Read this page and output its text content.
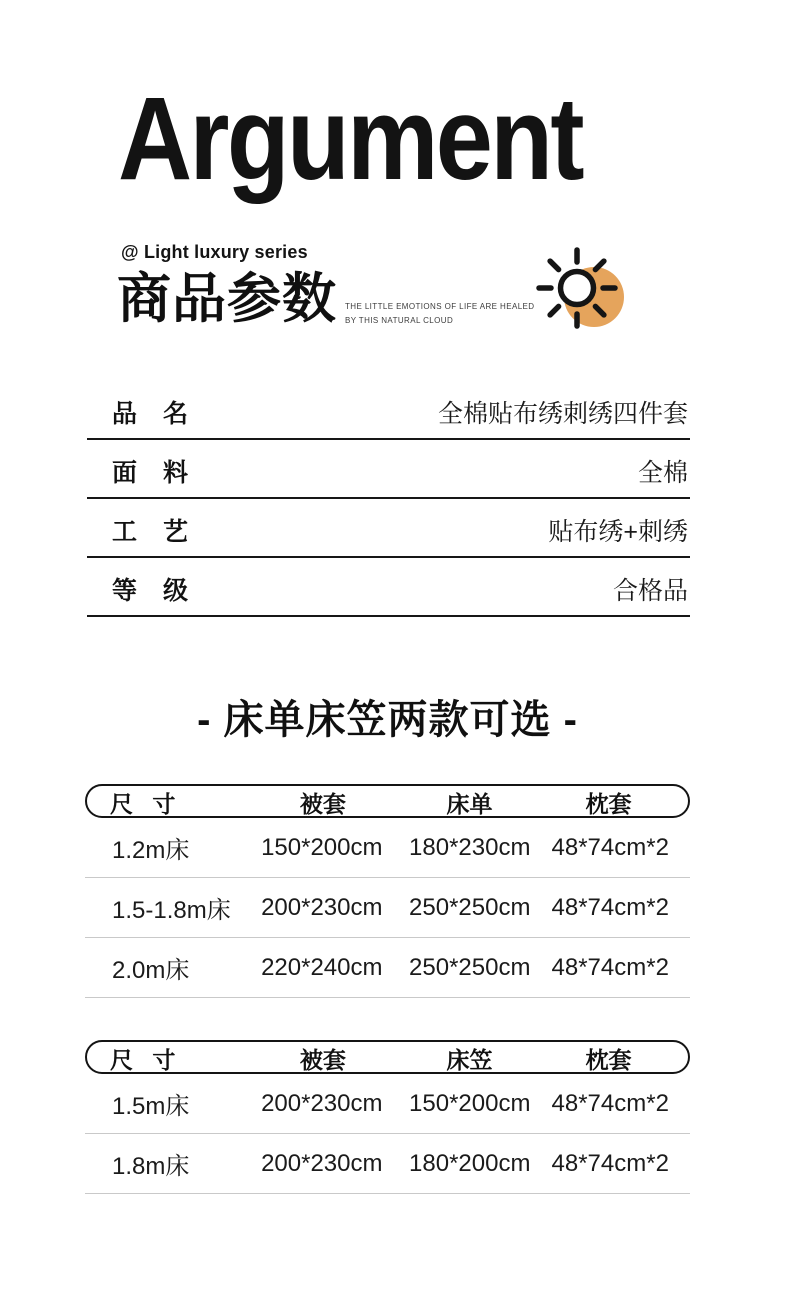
Argument
@ Light luxury series
商品参数 THE LITTLE EMOTIONS OF LIFE ARE HEALED
BY THIS NATURAL CLOUD
品 名	全棉贴布绣刺绣四件套
面 料	全棉
工 艺	贴布绣+刺绣
等 级	合格品
- 床单床笠两款可选 -
尺 寸	被套	床单	枕套
1.2m床	150*200cm	180*230cm 48*74cm*2
1.5-1.8m床	200*230cm	250*250cm 48*74cm*2
2.0m床	220*240cm	250*250cm 48*74cm*2
尺 寸	被套	床笠	枕套
1.5m床	200*230cm	150*200cm 48*74cm*2
1.8m床	200*230cm	180*200cm 48*74cm*2
